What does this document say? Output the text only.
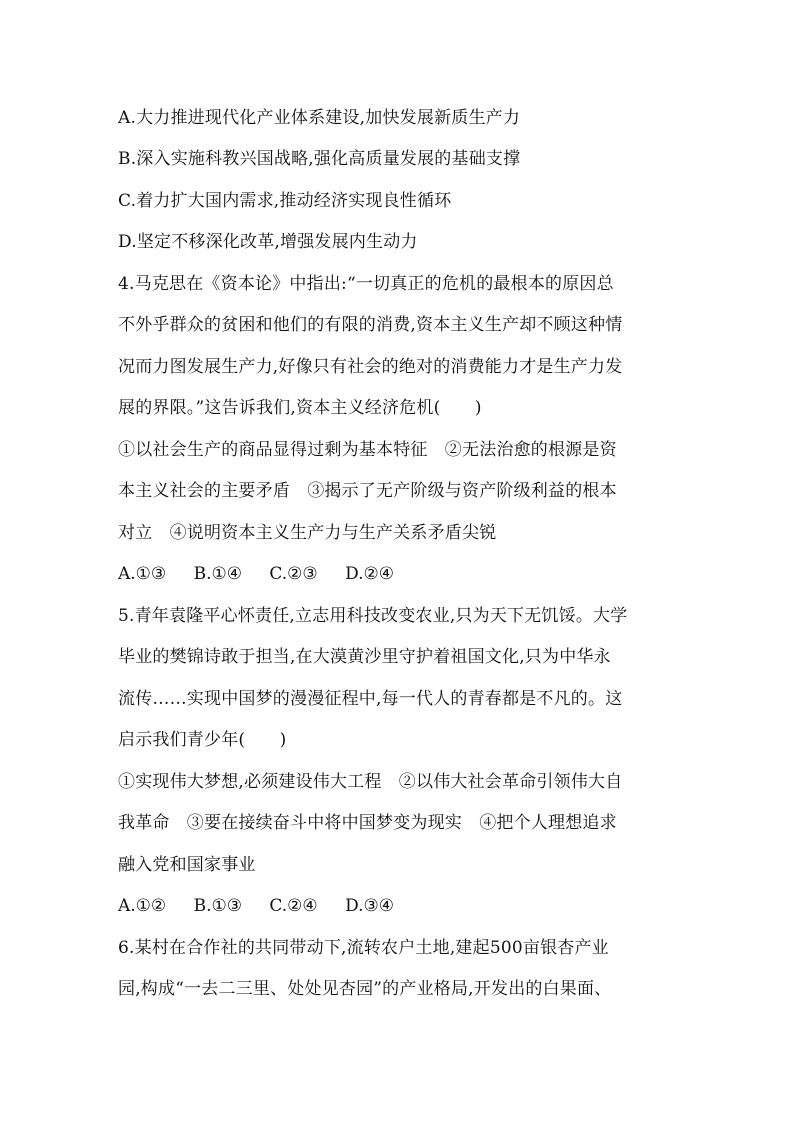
A.大力推进现代化产业体系建设,加快发展新质生产力
B.深入实施科教兴国战略,强化高质量发展的基础支撑
C.着力扩大国内需求,推动经济实现良性循环
D.坚定不移深化改革,增强发展内生动力
4.马克思在《资本论》中指出:“一切真正的危机的最根本的原因总
不外乎群众的贫困和他们的有限的消费,资本主义生产却不顾这种情
况而力图发展生产力,好像只有社会的绝对的消费能力才是生产力发
展的界限。”这告诉我们,资本主义经济危机(　　)
①以社会生产的商品显得过剩为基本特征　②无法治愈的根源是资
本主义社会的主要矛盾　③揭示了无产阶级与资产阶级利益的根本
对立　④说明资本主义生产力与生产关系矛盾尖锐
A.①③ B.①④ C.②③ D.②④
5.青年袁隆平心怀责任,立志用科技改变农业,只为天下无饥馁。大学
毕业的樊锦诗敢于担当,在大漠黄沙里守护着祖国文化,只为中华永
流传……实现中国梦的漫漫征程中,每一代人的青春都是不凡的。这
启示我们青少年(　　)
①实现伟大梦想,必须建设伟大工程　②以伟大社会革命引领伟大自
我革命　③要在接续奋斗中将中国梦变为现实　④把个人理想追求
融入党和国家事业
A.①② B.①③ C.②④ D.③④
6.某村在合作社的共同带动下,流转农户土地,建起500亩银杏产业
园,构成“一去二三里、处处见杏园”的产业格局,开发出的白果面、
